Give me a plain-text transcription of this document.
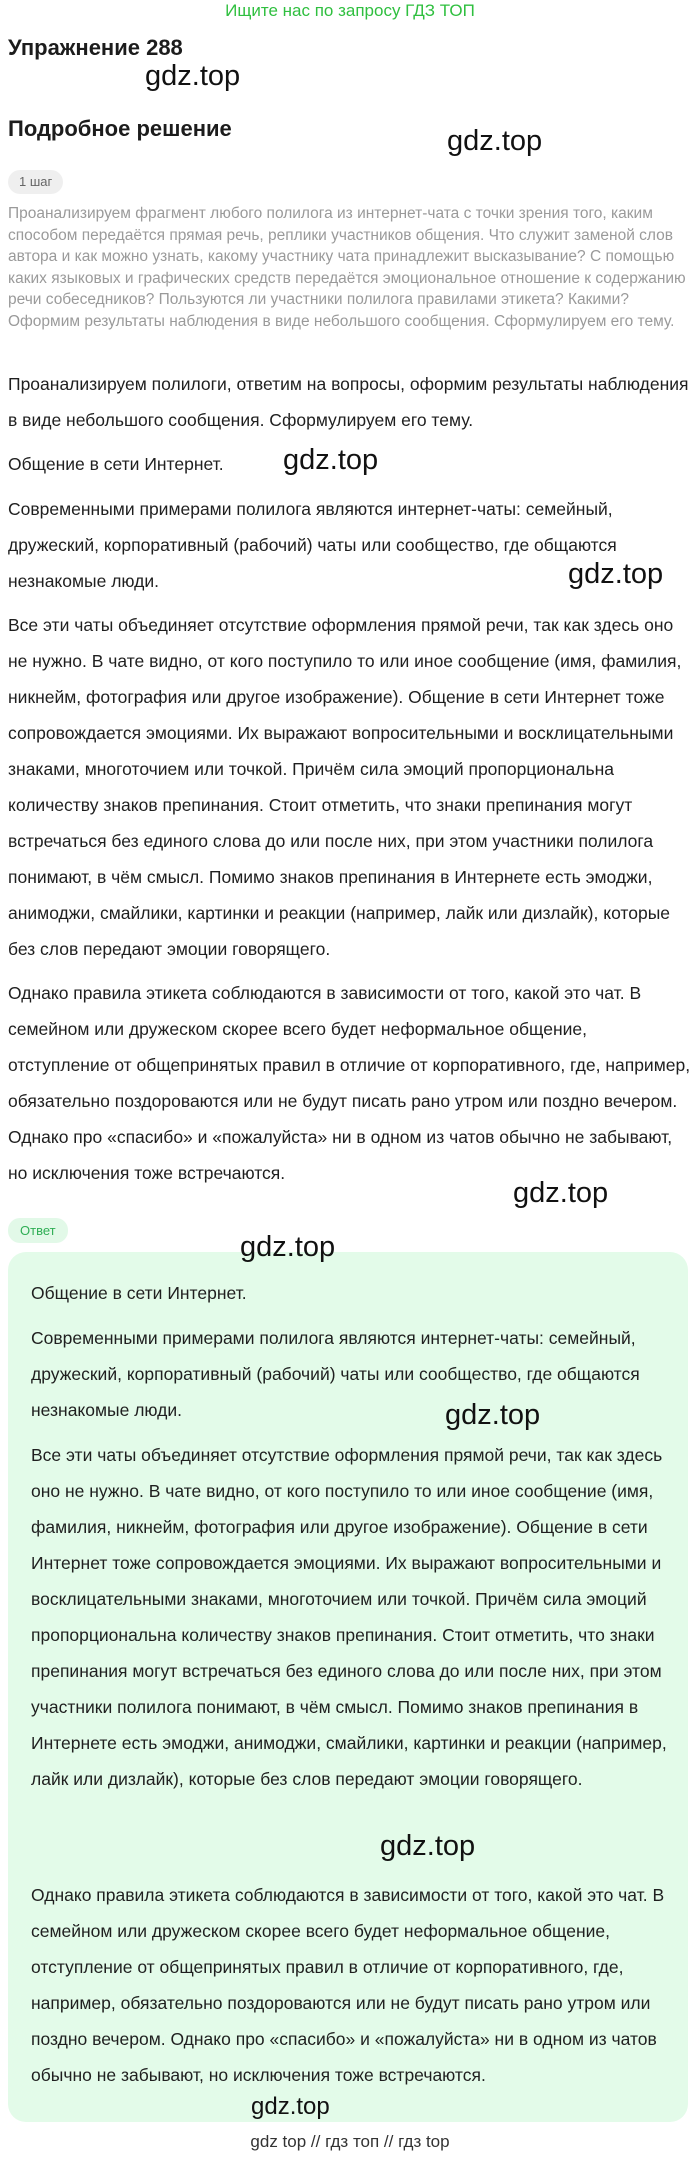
Ищите нас по запросу ГДЗ ТОП
Упражнение 288
Подробное решение
1 шаг

Проанализируем фрагмент любого полилога из интернет-чата с точки зрения того, каким способом передаётся прямая речь, реплики участников общения. Что служит заменой слов автора и как можно узнать, какому участнику чата принадлежит высказывание? С помощью каких языковых и графических средств передаётся эмоциональное отношение к содержанию речи собеседников? Пользуются ли участники полилога правилами этикета? Какими? Оформим результаты наблюдения в виде небольшого сообщения. Сформулируем его тему.

Проанализируем полилоги, ответим на вопросы, оформим результаты наблюдения в виде небольшого сообщения. Сформулируем его тему.

Общение в сети Интернет.

Современными примерами полилога являются интернет-чаты: семейный, дружеский, корпоративный (рабочий) чаты или сообщество, где общаются незнакомые люди.

Все эти чаты объединяет отсутствие оформления прямой речи, так как здесь оно не нужно. В чате видно, от кого поступило то или иное сообщение (имя, фамилия, никнейм, фотография или другое изображение). Общение в сети Интернет тоже сопровождается эмоциями. Их выражают вопросительными и восклицательными знаками, многоточием или точкой. Причём сила эмоций пропорциональна количеству знаков препинания. Стоит отметить, что знаки препинания могут встречаться без единого слова до или после них, при этом участники полилога понимают, в чём смысл. Помимо знаков препинания в Интернете есть эмоджи, анимоджи, смайлики, картинки и реакции (например, лайк или дизлайк), которые без слов передают эмоции говорящего.

Однако правила этикета соблюдаются в зависимости от того, какой это чат. В семейном или дружеском скорее всего будет неформальное общение, отступление от общепринятых правил в отличие от корпоративного, где, например, обязательно поздороваются или не будут писать рано утром или поздно вечером. Однако про «спасибо» и «пожалуйста» ни в одном из чатов обычно не забывают, но исключения тоже встречаются.

Ответ

Общение в сети Интернет.

Современными примерами полилога являются интернет-чаты: семейный, дружеский, корпоративный (рабочий) чаты или сообщество, где общаются незнакомые люди.

Все эти чаты объединяет отсутствие оформления прямой речи, так как здесь оно не нужно. В чате видно, от кого поступило то или иное сообщение (имя, фамилия, никнейм, фотография или другое изображение). Общение в сети Интернет тоже сопровождается эмоциями. Их выражают вопросительными и восклицательными знаками, многоточием или точкой. Причём сила эмоций пропорциональна количеству знаков препинания. Стоит отметить, что знаки препинания могут встречаться без единого слова до или после них, при этом участники полилога понимают, в чём смысл. Помимо знаков препинания в Интернете есть эмоджи, анимоджи, смайлики, картинки и реакции (например, лайк или дизлайк), которые без слов передают эмоции говорящего.

Однако правила этикета соблюдаются в зависимости от того, какой это чат. В семейном или дружеском скорее всего будет неформальное общение, отступление от общепринятых правил в отличие от корпоративного, где, например, обязательно поздороваются или не будут писать рано утром или поздно вечером. Однако про «спасибо» и «пожалуйста» ни в одном из чатов обычно не забывают, но исключения тоже встречаются.

gdz.top
gdz.top
gdz.top
gdz.top
gdz.top
gdz.top
gdz.top
gdz.top
gdz.top
gdz top // гдз топ // гдз top
